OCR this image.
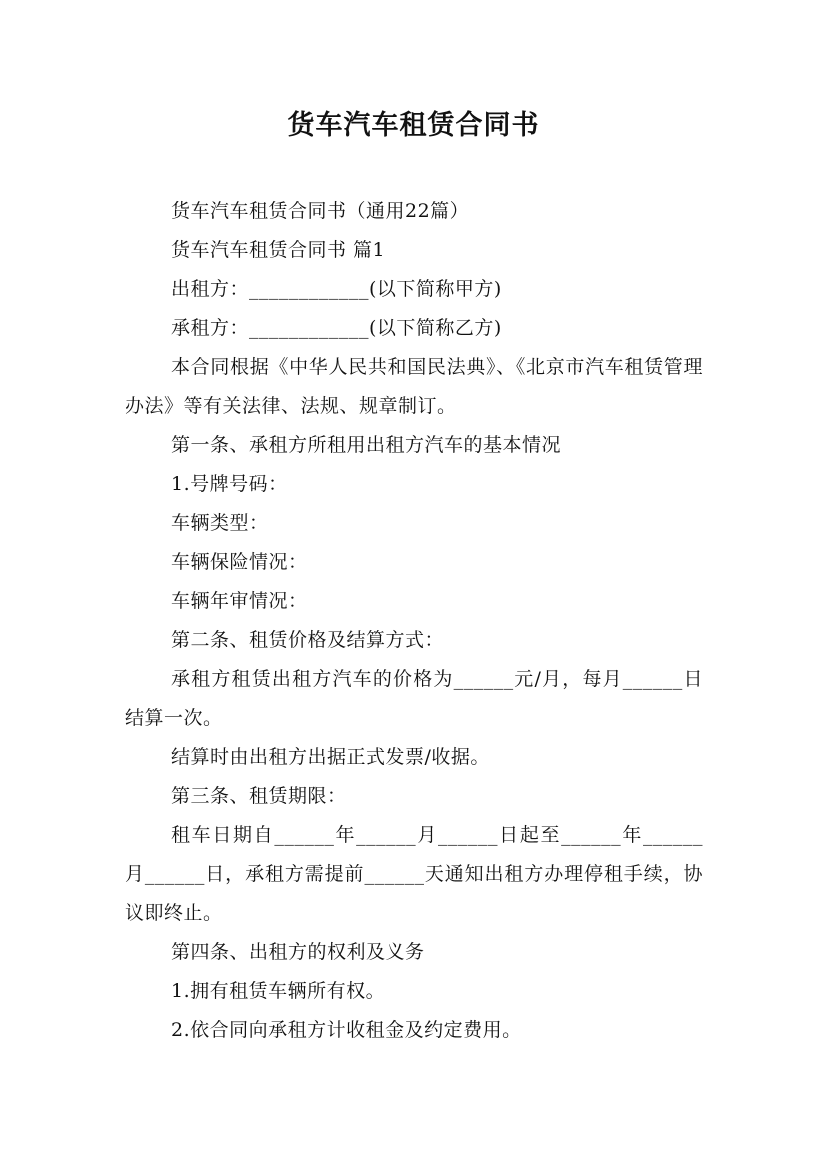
货车汽车租赁合同书

货车汽车租赁合同书（通用22篇）

货车汽车租赁合同书 篇1

出租方：____________(以下简称甲方)

承租方：____________(以下简称乙方)

本合同根据《中华人民共和国民法典》、《北京市汽车租赁管理办法》等有关法律、法规、规章制订。

第一条、承租方所租用出租方汽车的基本情况

1.号牌号码：

车辆类型：

车辆保险情况：

车辆年审情况：

第二条、租赁价格及结算方式：

承租方租赁出租方汽车的价格为______元/月，每月______日结算一次。

结算时由出租方出据正式发票/收据。

第三条、租赁期限：

租车日期自______年______月______日起至______年______月______日，承租方需提前______天通知出租方办理停租手续，协议即终止。

第四条、出租方的权利及义务

1.拥有租赁车辆所有权。

2.依合同向承租方计收租金及约定费用。
